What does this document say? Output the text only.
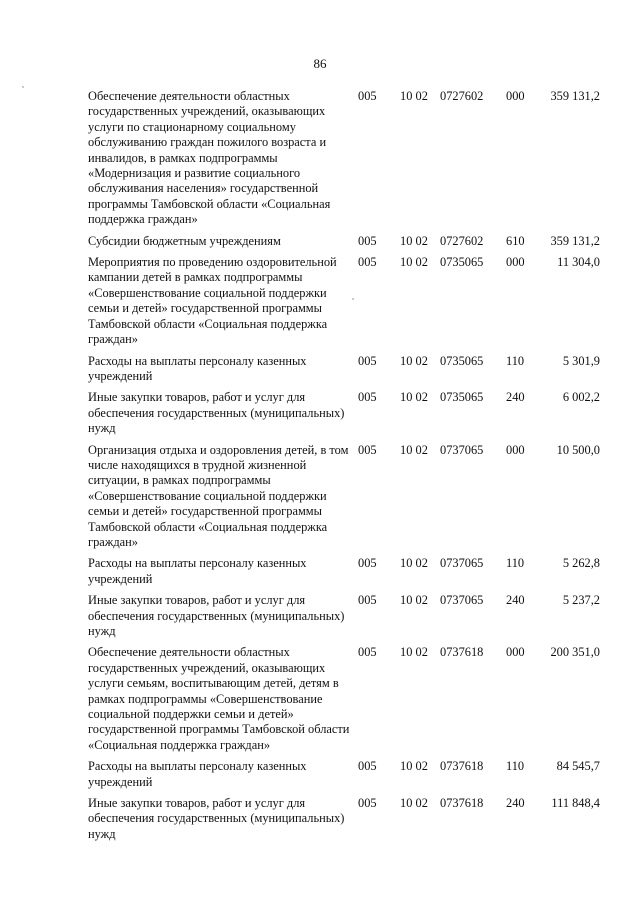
86
Обеспечение деятельности областных государственных учреждений, оказывающих услуги по стационарному социальному обслуживанию граждан пожилого возраста и инвалидов, в рамках подпрограммы «Модернизация и развитие социального обслуживания населения» государственной программы Тамбовской области «Социальная поддержка граждан»		005	10 02	0727602	000	359 131,2
Субсидии бюджетным учреждениям		005	10 02	0727602	610	359 131,2
Мероприятия по проведению оздоровительной кампании детей в рамках подпрограммы «Совершенствование социальной поддержки семьи и детей» государственной программы Тамбовской области «Социальная поддержка граждан»		005	10 02	0735065	000	11 304,0
Расходы на выплаты персоналу казенных учреждений		005	10 02	0735065	110	5 301,9
Иные закупки товаров, работ и услуг для обеспечения государственных (муниципальных) нужд		005	10 02	0735065	240	6 002,2
Организация отдыха и оздоровления детей, в том числе находящихся в трудной жизненной ситуации, в рамках подпрограммы «Совершенствование социальной поддержки семьи и детей» государственной программы Тамбовской области «Социальная поддержка граждан»		005	10 02	0737065	000	10 500,0
Расходы на выплаты персоналу казенных учреждений		005	10 02	0737065	110	5 262,8
Иные закупки товаров, работ и услуг для обеспечения государственных (муниципальных) нужд		005	10 02	0737065	240	5 237,2
Обеспечение деятельности областных государственных учреждений, оказывающих услуги семьям, воспитывающим детей, детям в рамках подпрограммы «Совершенствование социальной поддержки семьи и детей» государственной программы Тамбовской области «Социальная поддержка граждан»		005	10 02	0737618	000	200 351,0
Расходы на выплаты персоналу казенных учреждений		005	10 02	0737618	110	84 545,7
Иные закупки товаров, работ и услуг для обеспечения государственных (муниципальных) нужд		005	10 02	0737618	240	111 848,4
